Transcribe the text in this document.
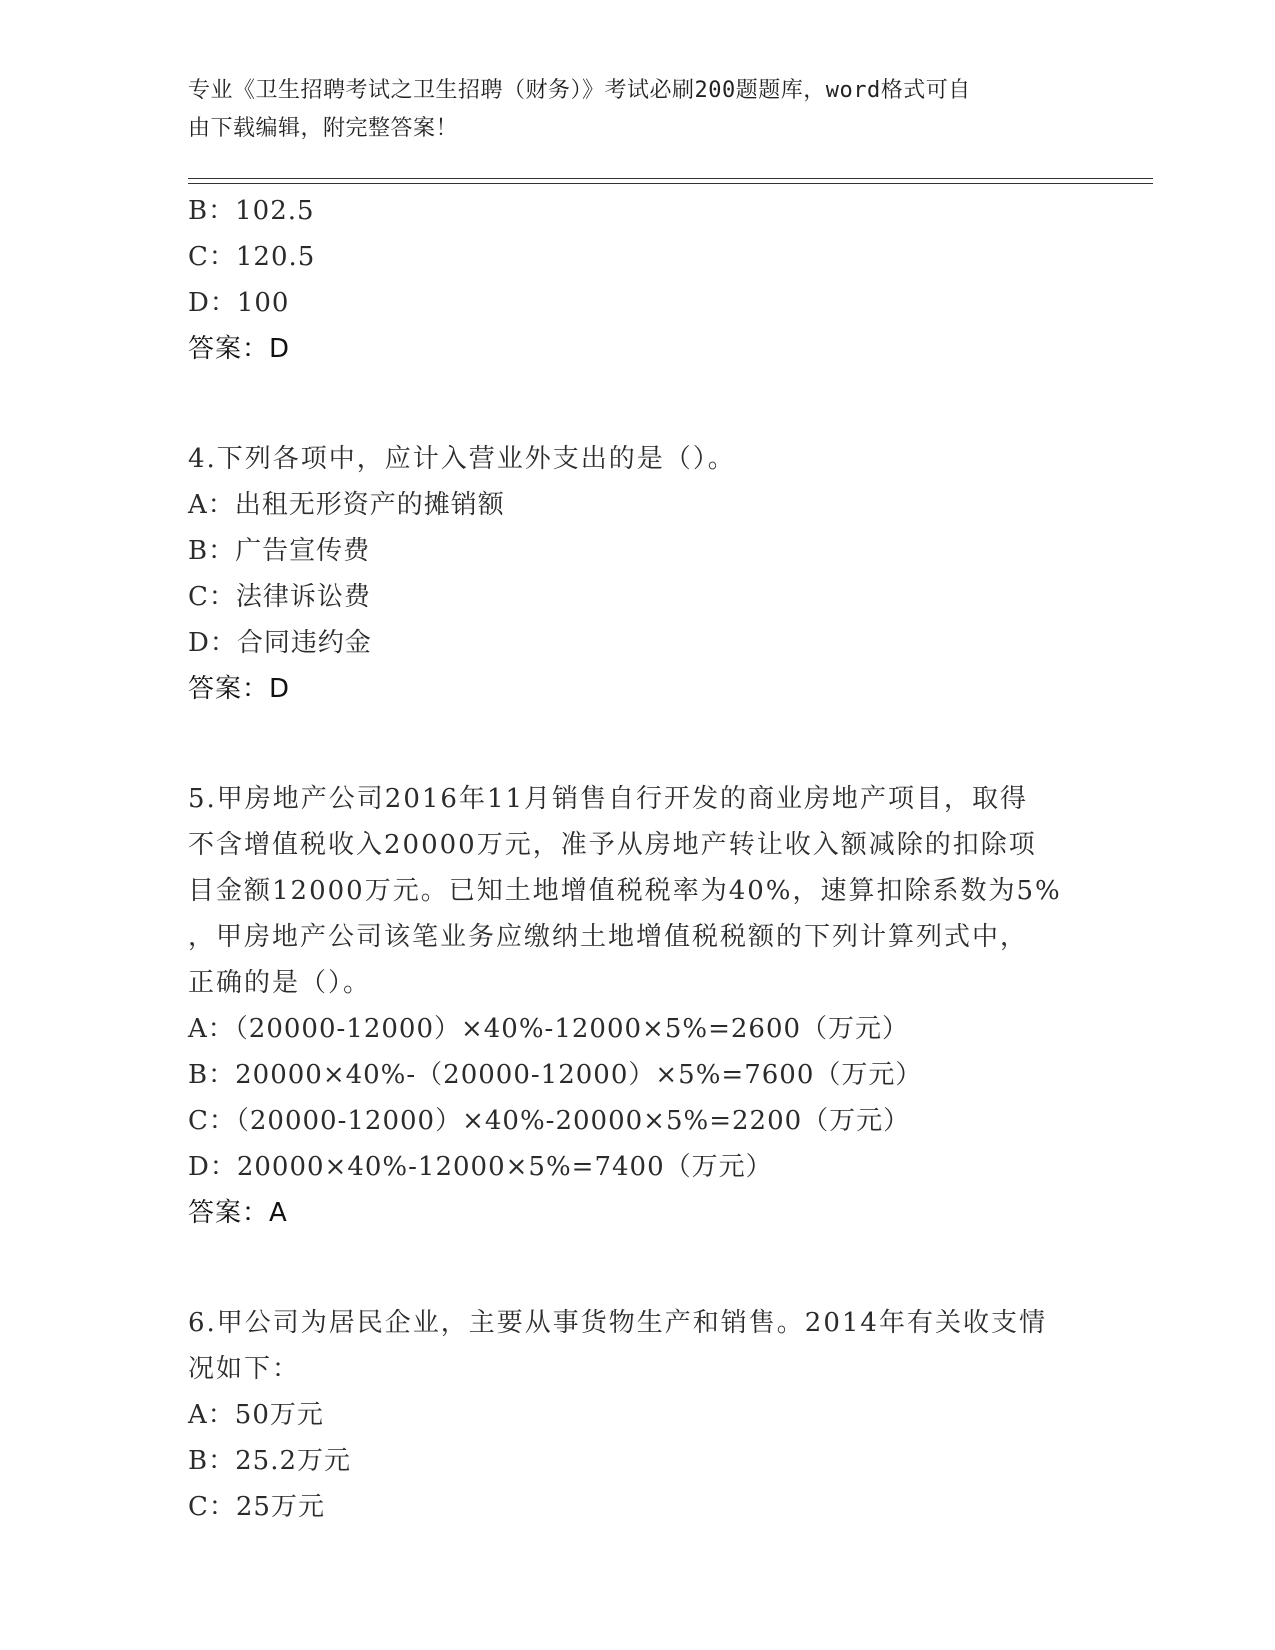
专业《卫生招聘考试之卫生招聘（财务）》考试必刷200题题库，word格式可自
由下载编辑，附完整答案！
B：102.5
C：120.5
D：100
答案：D
4.下列各项中，应计入营业外支出的是（）。
A：出租无形资产的摊销额
B：广告宣传费
C：法律诉讼费
D：合同违约金
答案：D
5.甲房地产公司2016年11月销售自行开发的商业房地产项目，取得
不含增值税收入20000万元，准予从房地产转让收入额减除的扣除项
目金额12000万元。已知土地增值税税率为40%，速算扣除系数为5%
，甲房地产公司该笔业务应缴纳土地增值税税额的下列计算列式中，
正确的是（）。
A：（20000-12000）×40%-12000×5%=2600（万元）
B：20000×40%-（20000-12000）×5%=7600（万元）
C：（20000-12000）×40%-20000×5%=2200（万元）
D：20000×40%-12000×5%=7400（万元）
答案：A
6.甲公司为居民企业，主要从事货物生产和销售。2014年有关收支情
况如下：
A：50万元
B：25.2万元
C：25万元
